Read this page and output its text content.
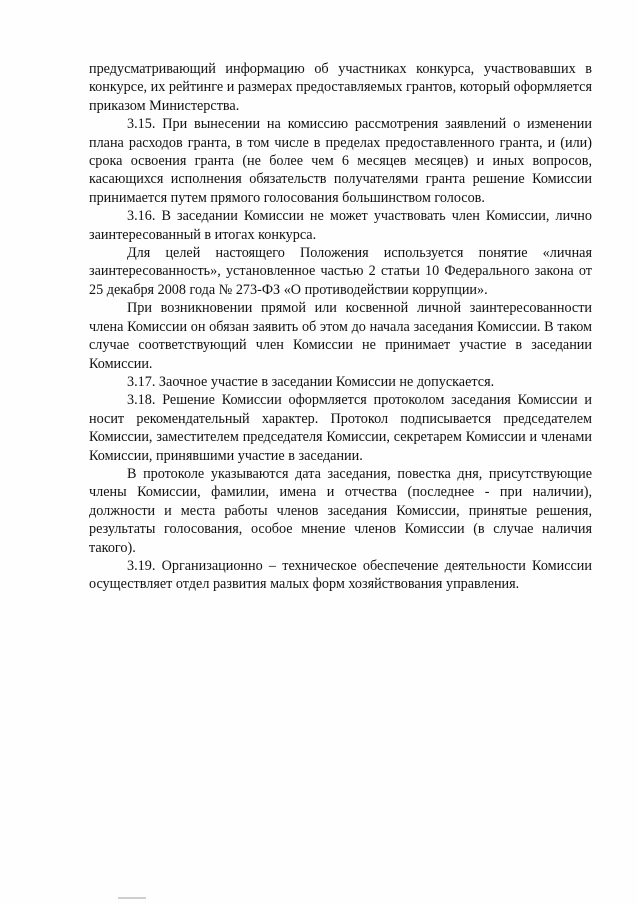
предусматривающий информацию об участниках конкурса, участвовавших в конкурсе, их рейтинге и размерах предоставляемых грантов, который оформляется приказом Министерства.

3.15. При вынесении на комиссию рассмотрения заявлений о изменении плана расходов гранта, в том числе в пределах предоставленного гранта, и (или) срока освоения гранта (не более чем 6 месяцев месяцев) и иных вопросов, касающихся исполнения обязательств получателями гранта решение Комиссии принимается путем прямого голосования большинством голосов.

3.16. В заседании Комиссии не может участвовать член Комиссии, лично заинтересованный в итогах конкурса.

Для целей настоящего Положения используется понятие «личная заинтересованность», установленное частью 2 статьи 10 Федерального закона от 25 декабря 2008 года № 273-ФЗ «О противодействии коррупции».

При возникновении прямой или косвенной личной заинтересованности члена Комиссии он обязан заявить об этом до начала заседания Комиссии. В таком случае соответствующий член Комиссии не принимает участие в заседании Комиссии.

3.17. Заочное участие в заседании Комиссии не допускается.

3.18. Решение Комиссии оформляется протоколом заседания Комиссии и носит рекомендательный характер. Протокол подписывается председателем Комиссии, заместителем председателя Комиссии, секретарем Комиссии и членами Комиссии, принявшими участие в заседании.

В протоколе указываются дата заседания, повестка дня, присутствующие члены Комиссии, фамилии, имена и отчества (последнее - при наличии), должности и места работы членов заседания Комиссии, принятые решения, результаты голосования, особое мнение членов Комиссии (в случае наличия такого).

3.19. Организационно – техническое обеспечение деятельности Комиссии осуществляет отдел развития малых форм хозяйствования управления.
